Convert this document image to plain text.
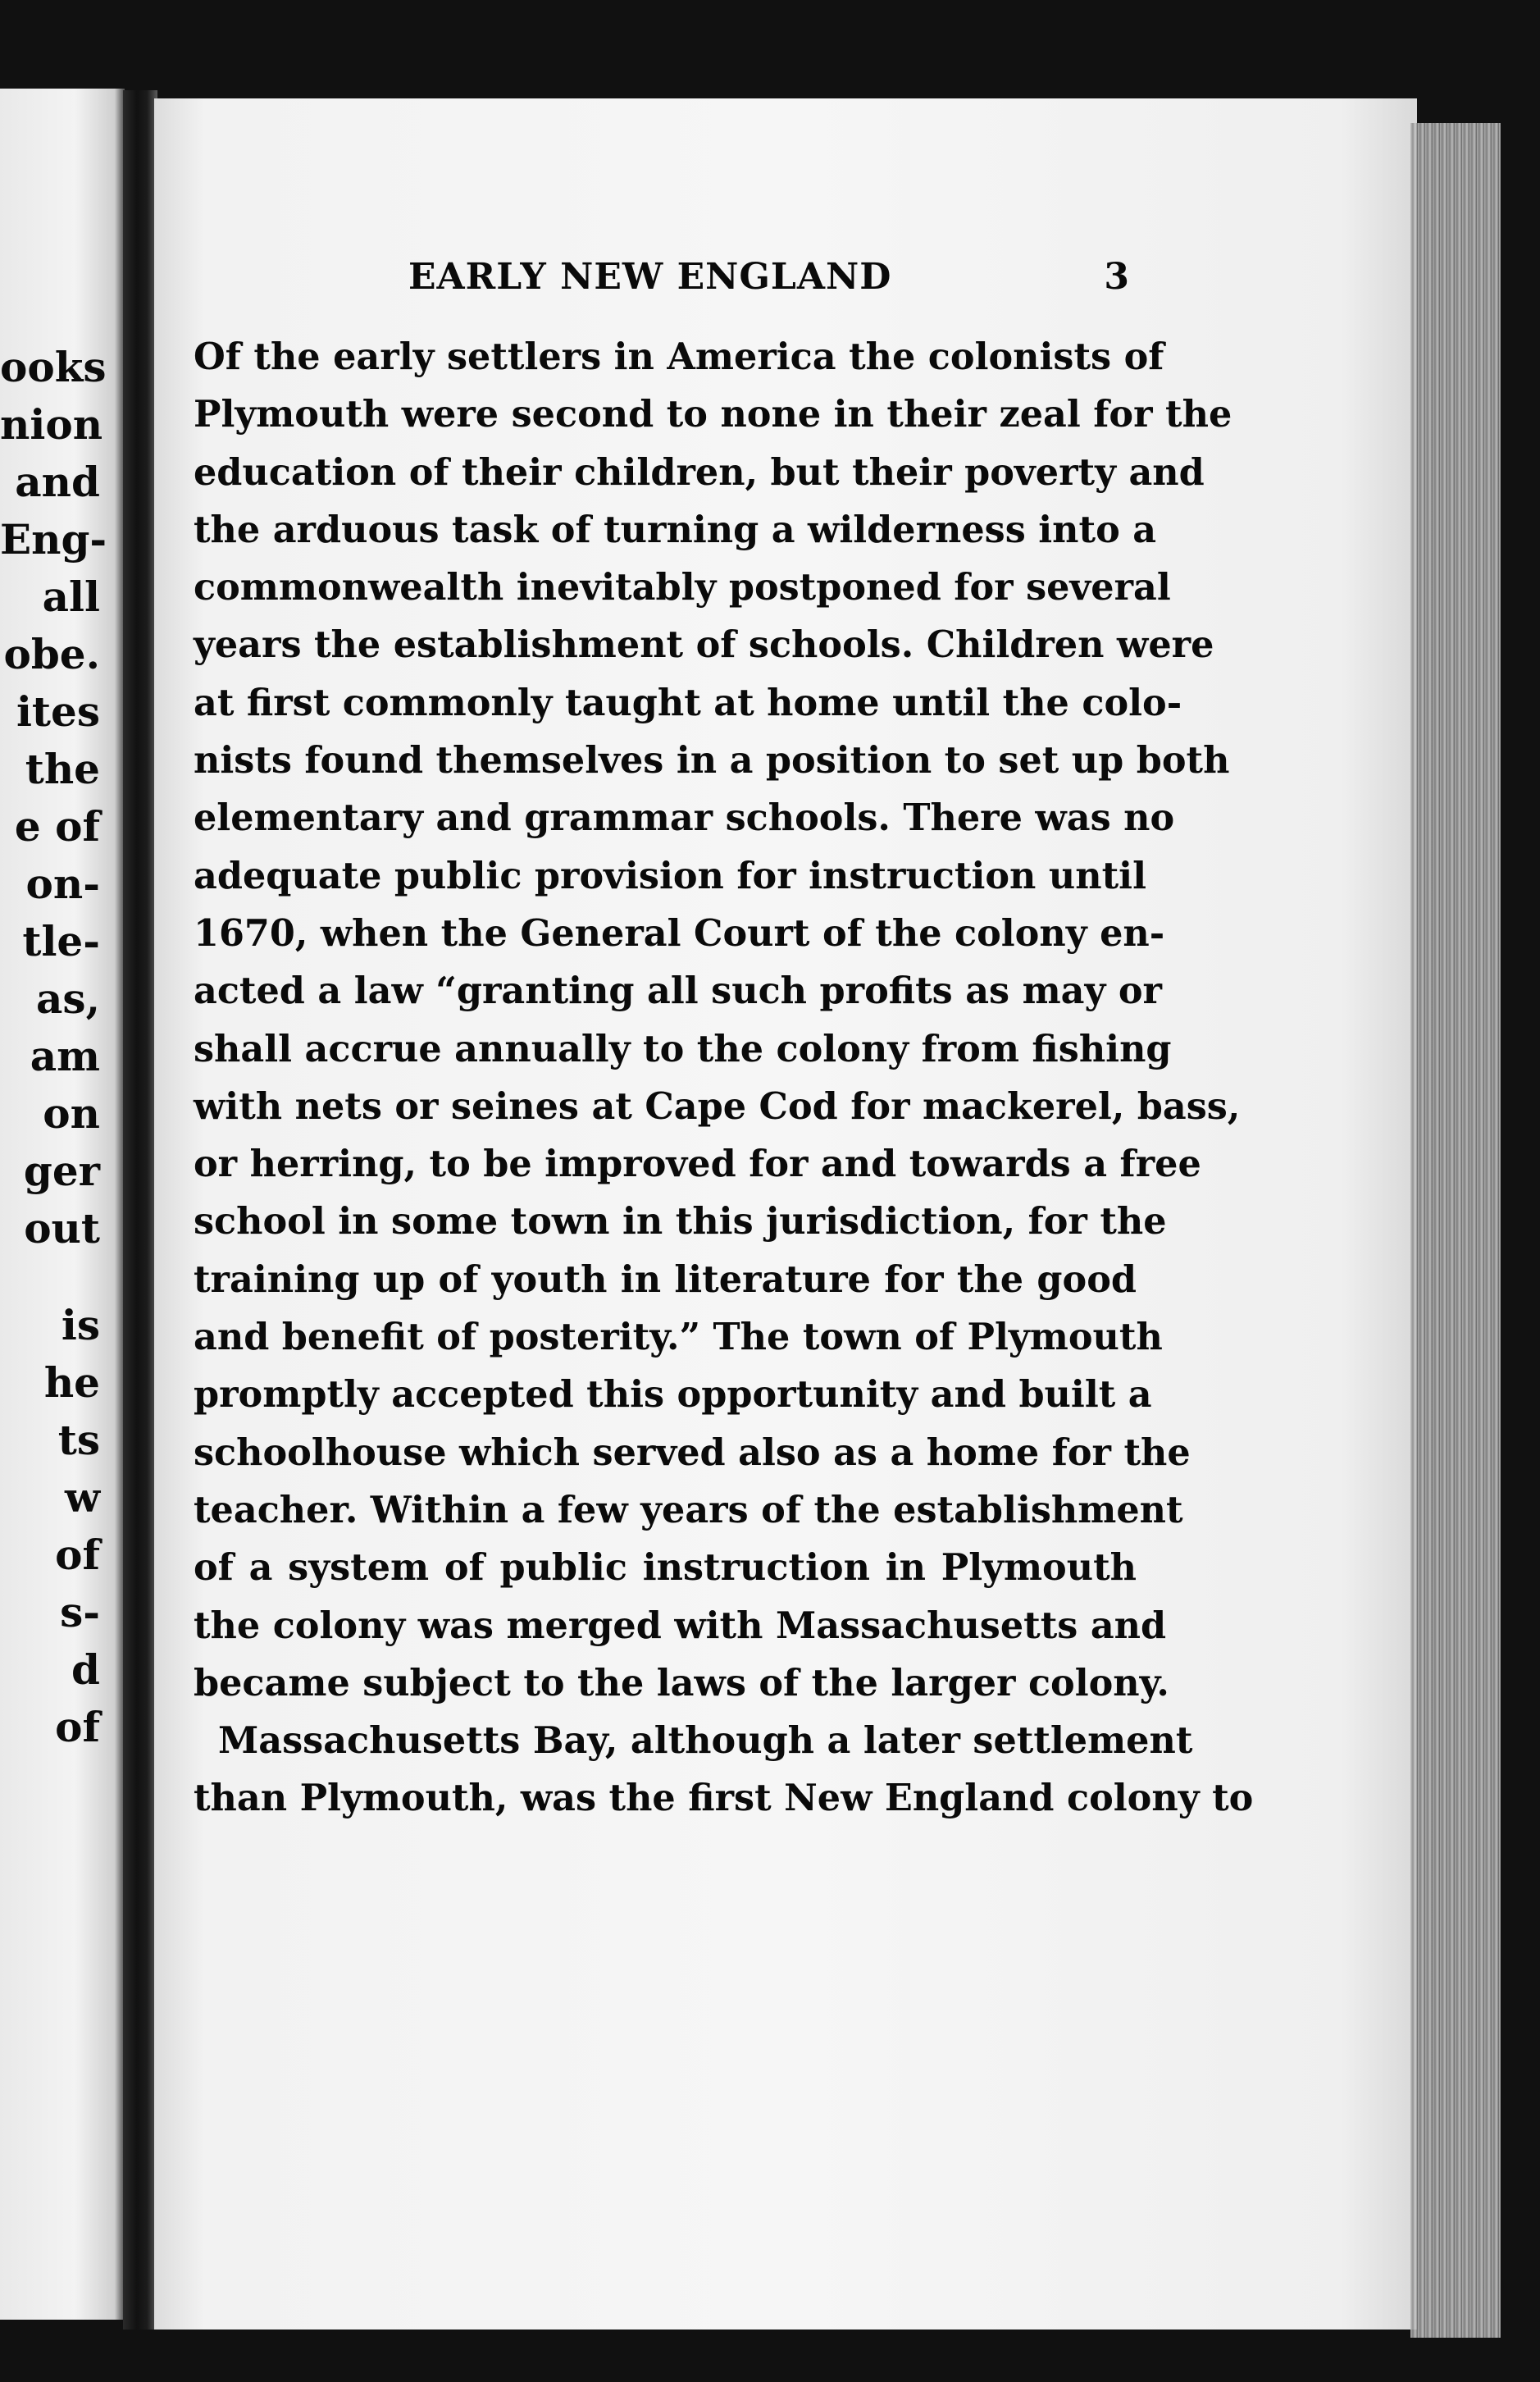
ooks
nion
and
Eng-
all
obe.
ites
the
e of
on-
tle-
as,
am
on
ger
out
is
he
ts
w
of
s-
d
of
EARLY NEW ENGLAND	3
Of the early settlers in America the colonists of
Plymouth were second to none in their zeal for the
education of their children, but their poverty and
the arduous task of turning a wilderness into a
commonwealth inevitably postponed for several
years the establishment of schools. Children were
at first commonly taught at home until the colo-
nists found themselves in a position to set up both
elementary and grammar schools. There was no
adequate public provision for instruction until
1670, when the General Court of the colony en-
acted a law “granting all such profits as may or
shall accrue annually to the colony from fishing
with nets or seines at Cape Cod for mackerel, bass,
or herring, to be improved for and towards a free
school in some town in this jurisdiction, for the
training up of youth in literature for the good
and benefit of posterity.” The town of Plymouth
promptly accepted this opportunity and built a
schoolhouse which served also as a home for the
teacher. Within a few years of the establishment
of a system of public instruction in Plymouth
the colony was merged with Massachusetts and
became subject to the laws of the larger colony.
Massachusetts Bay, although a later settlement
than Plymouth, was the first New England colony to
